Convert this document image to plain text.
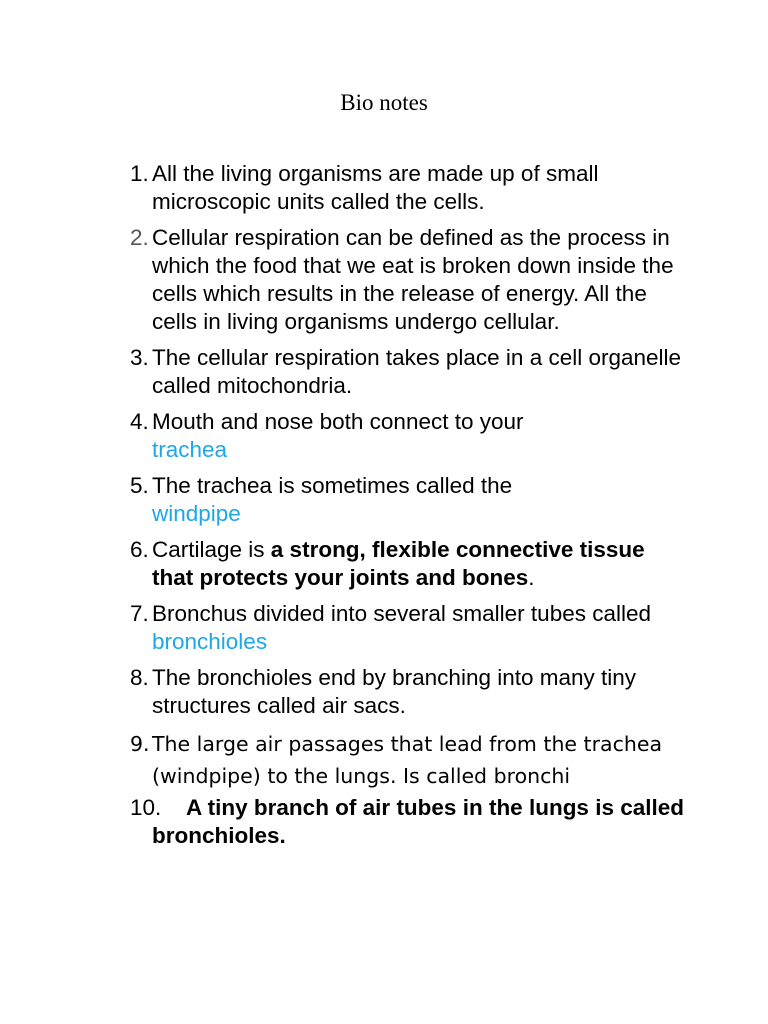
Bio notes
1. All the living organisms are made up of small microscopic units called the cells.
2. Cellular respiration can be defined as the process in which the food that we eat is broken down inside the cells which results in the release of energy. All the cells in living organisms undergo cellular.
3. The cellular respiration takes place in a cell organelle called mitochondria.
4. Mouth and nose both connect to your
trachea
5. The trachea is sometimes called the
windpipe
6. Cartilage is a strong, flexible connective tissue that protects your joints and bones.
7. Bronchus divided into several smaller tubes called bronchioles
8. The bronchioles end by branching into many tiny structures called air sacs.
9. The large air passages that lead from the trachea (windpipe) to the lungs. Is called bronchi
10. A tiny branch of air tubes in the lungs is called bronchioles.
